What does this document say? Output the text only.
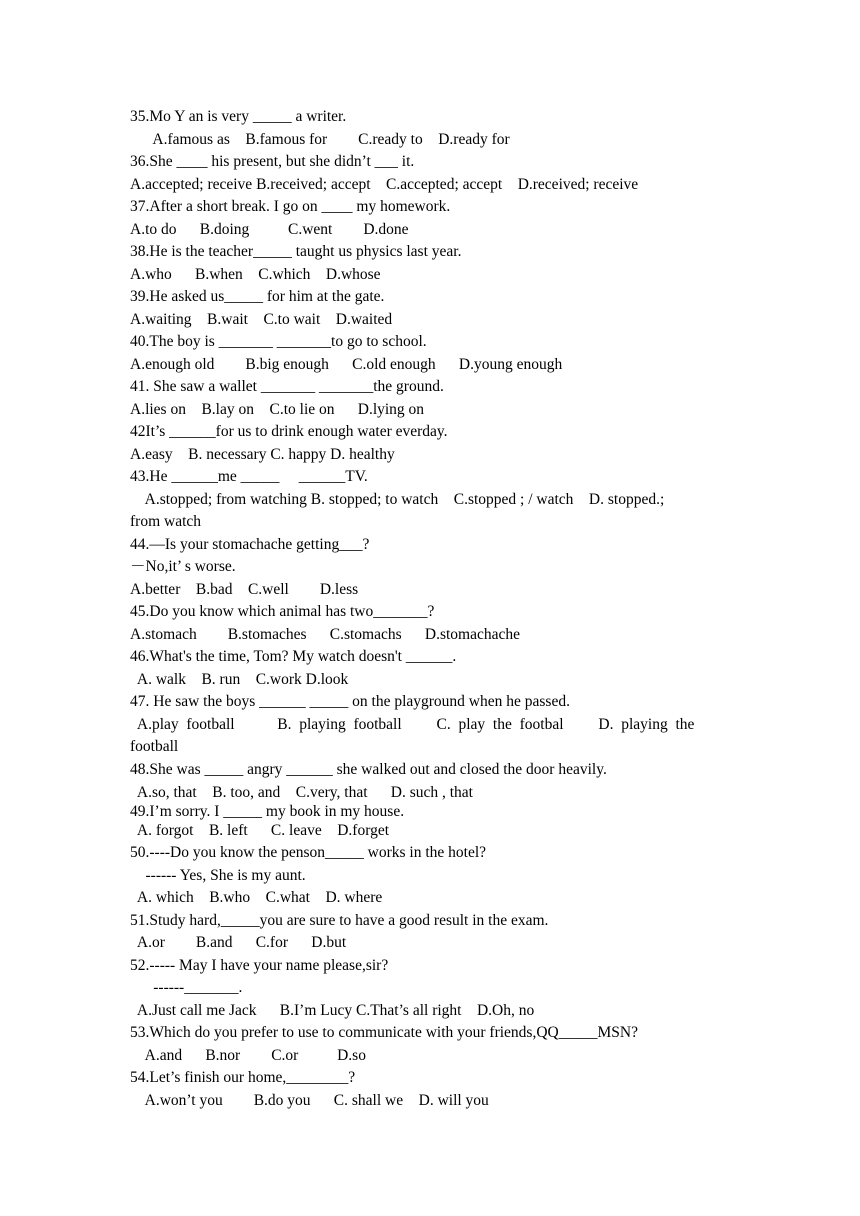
35.Mo Y an is very _____ a writer.
A.famous as    B.famous for        C.ready to    D.ready for
36.She ____ his present, but she didn’t ___ it.
A.accepted; receive B.received; accept    C.accepted; accept    D.received; receive
37.After a short break. I go on ____ my homework.
A.to do      B.doing          C.went        D.done
38.He is the teacher_____ taught us physics last year.
A.who      B.when    C.which    D.whose
39.He asked us_____ for him at the gate.
A.waiting    B.wait    C.to wait    D.waited
40.The boy is _______ _______to go to school.
A.enough old        B.big enough      C.old enough      D.young enough
41. She saw a wallet _______ _______the ground.
A.lies on    B.lay on    C.to lie on      D.lying on
42It’s ______for us to drink enough water everday.
A.easy    B. necessary C. happy D. healthy
43.He ______me _____     ______TV.
A.stopped; from watching B. stopped; to watch    C.stopped ; / watch    D. stopped.;
from watch
44.—Is your stomachache getting___?
－No,it’ s worse.
A.better    B.bad    C.well        D.less
45.Do you know which animal has two_______?
A.stomach        B.stomaches      C.stomachs      D.stomachache
46.What's the time, Tom? My watch doesn't ______.
A. walk    B. run    C.work D.look
47. He saw the boys ______ _____ on the playground when he passed.
A.play  football           B.  playing  football         C.  play  the  footbal         D.  playing  the
football
48.She was _____ angry ______ she walked out and closed the door heavily.
A.so, that    B. too, and    C.very, that      D. such , that
49.I’m sorry. I _____ my book in my house.
A. forgot    B. left      C. leave    D.forget
50.----Do you know the penson_____ works in the hotel?
------ Yes, She is my aunt.
A. which    B.who    C.what    D. where
51.Study hard,_____you are sure to have a good result in the exam.
A.or        B.and      C.for      D.but
52.----- May I have your name please,sir?
------_______.
A.Just call me Jack      B.I’m Lucy C.That’s all right    D.Oh, no
53.Which do you prefer to use to communicate with your friends,QQ_____MSN?
A.and      B.nor        C.or          D.so
54.Let’s finish our home,________?
A.won’t you        B.do you      C. shall we    D. will you
